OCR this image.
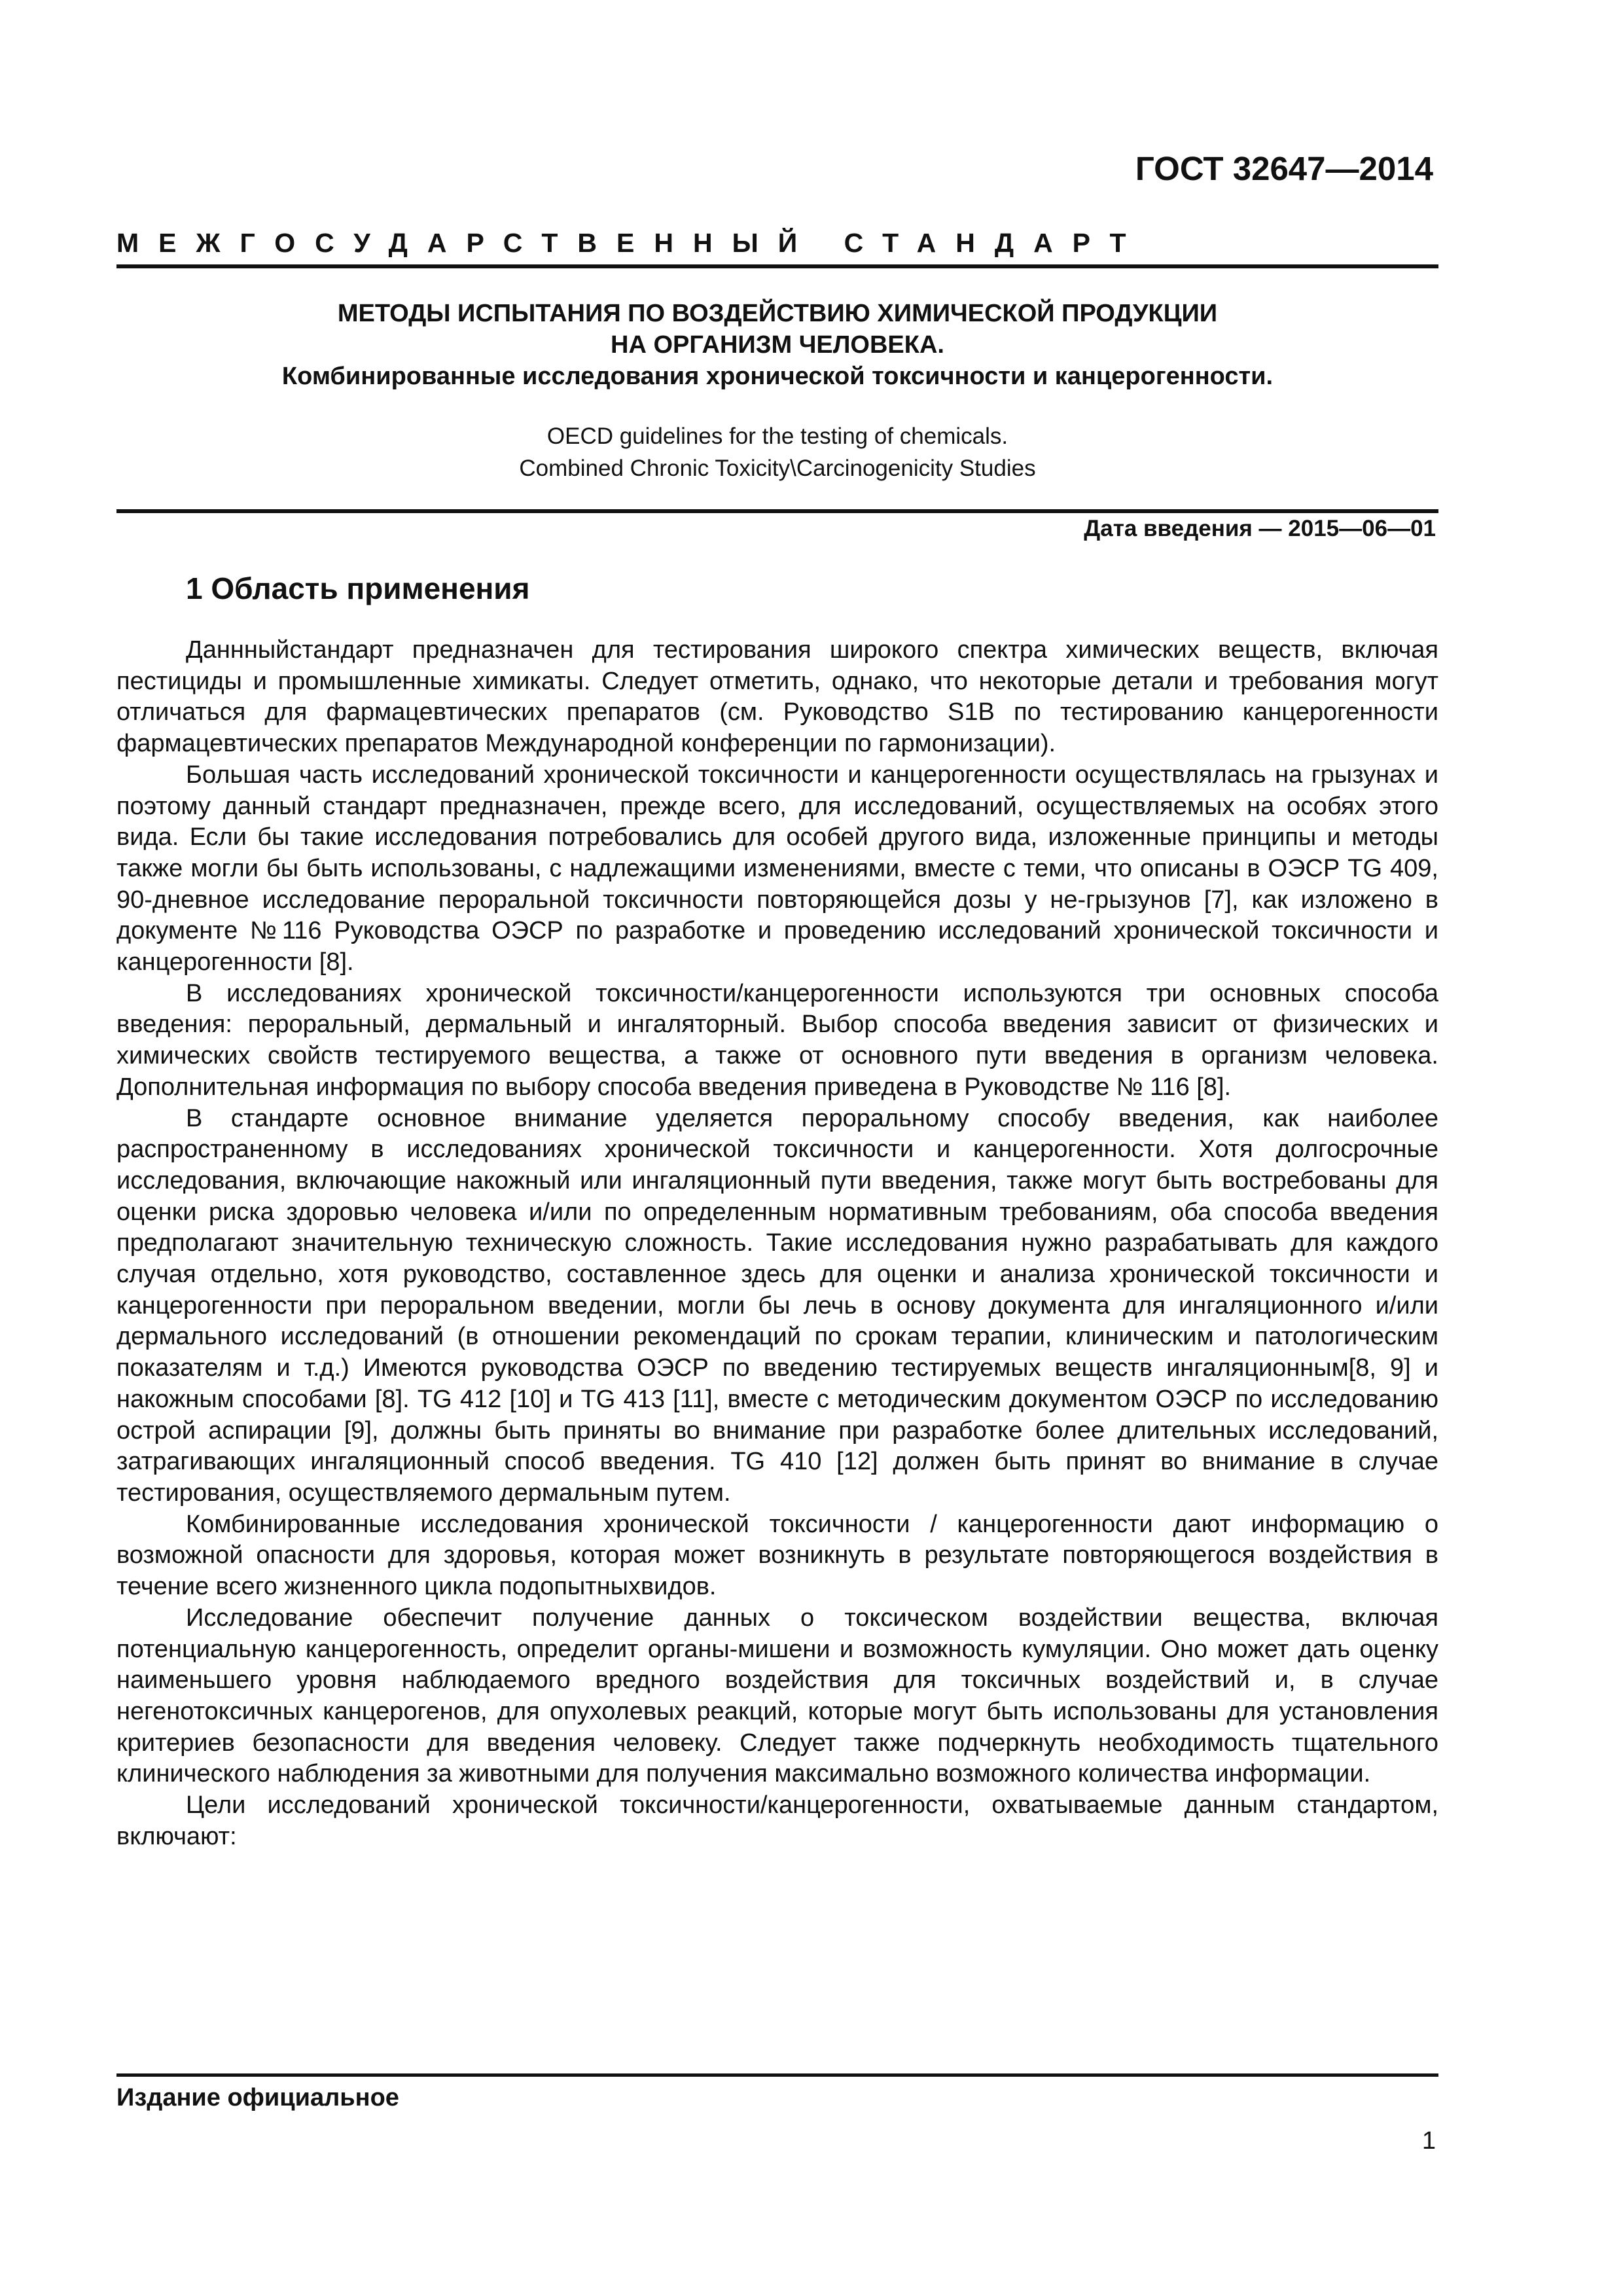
ГОСТ 32647—2014
МЕЖГОСУДАРСТВЕННЫЙ СТАНДАРТ
МЕТОДЫ ИСПЫТАНИЯ ПО ВОЗДЕЙСТВИЮ ХИМИЧЕСКОЙ ПРОДУКЦИИ
НА ОРГАНИЗМ ЧЕЛОВЕКА.
Комбинированные исследования хронической токсичности и канцерогенности.
OECD guidelines for the testing of chemicals.
Combined Chronic Toxicity\Carcinogenicity Studies
Дата введения — 2015—06—01
1 Область применения

Даннныйстандарт предназначен для тестирования широкого спектра химических веществ, включая пестициды и промышленные химикаты. Следует отметить, однако, что некоторые детали и требования могут отличаться для фармацевтических препаратов (см. Руководство S1B по тестированию канцерогенности фармацевтических препаратов Международной конференции по гармонизации).

Большая часть исследований хронической токсичности и канцерогенности осуществлялась на грызунах и поэтому данный стандарт предназначен, прежде всего, для исследований, осуществляемых на особях этого вида. Если бы такие исследования потребовались для особей другого вида, изложенные принципы и методы также могли бы быть использованы, с надлежащими изменениями, вместе с теми, что описаны в ОЭСР TG 409, 90-дневное исследование пероральной токсичности повторяющейся дозы у не-грызунов [7], как изложено в документе №116 Руководства ОЭСР по разработке и проведению исследований хронической токсичности и канцерогенности [8].

В исследованиях хронической токсичности/канцерогенности используются три основных способа введения: пероральный, дермальный и ингаляторный. Выбор способа введения зависит от физических и химических свойств тестируемого вещества, а также от основного пути введения в организм человека. Дополнительная информация по выбору способа введения приведена в Руководстве № 116 [8].

В стандарте основное внимание уделяется пероральному способу введения, как наиболее распространенному в исследованиях хронической токсичности и канцерогенности. Хотя долгосрочные исследования, включающие накожный или ингаляционный пути введения, также могут быть востребованы для оценки риска здоровью человека и/или по определенным нормативным требованиям, оба способа введения предполагают значительную техническую сложность. Такие исследования нужно разрабатывать для каждого случая отдельно, хотя руководство, составленное здесь для оценки и анализа хронической токсичности и канцерогенности при пероральном введении, могли бы лечь в основу документа для ингаляционного и/или дермального исследований (в отношении рекомендаций по срокам терапии, клиническим и патологическим показателям и т.д.) Имеются руководства ОЭСР по введению тестируемых веществ ингаляционным[8, 9] и накожным способами [8]. TG 412 [10] и TG 413 [11], вместе с методическим документом ОЭСР по исследованию острой аспирации [9], должны быть приняты во внимание при разработке более длительных исследований, затрагивающих ингаляционный способ введения. TG 410 [12] должен быть принят во внимание в случае тестирования, осуществляемого дермальным путем.

Комбинированные исследования хронической токсичности / канцерогенности дают информацию о возможной опасности для здоровья, которая может возникнуть в результате повторяющегося воздействия в течение всего жизненного цикла подопытныхвидов.

Исследование обеспечит получение данных о токсическом воздействии вещества, включая потенциальную канцерогенность, определит органы-мишени и возможность кумуляции. Оно может дать оценку наименьшего уровня наблюдаемого вредного воздействия для токсичных воздействий и, в случае негенотоксичных канцерогенов, для опухолевых реакций, которые могут быть использованы для установления критериев безопасности для введения человеку. Следует также подчеркнуть необходимость тщательного клинического наблюдения за животными для получения максимально возможного количества информации.

Цели исследований хронической токсичности/канцерогенности, охватываемые данным стандартом, включают:

Издание официальное
1
